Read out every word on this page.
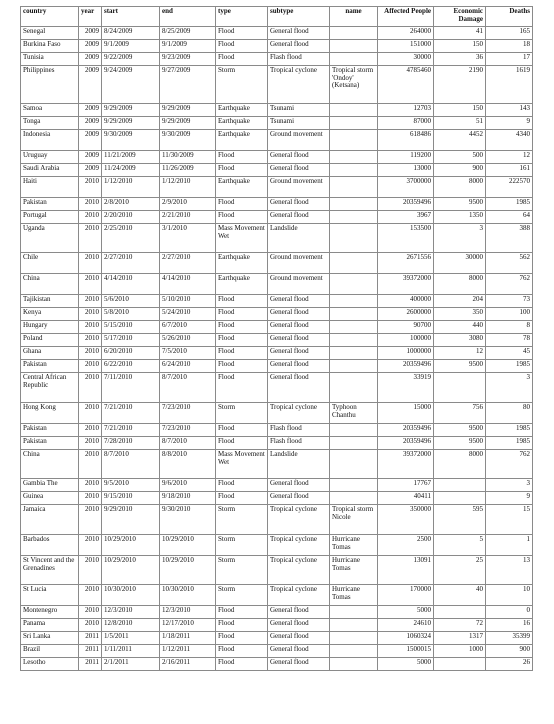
country	year	start	end	type	subtype	name	Affected People	Economic Damage	Deaths
Senegal	2009	8/24/2009	8/25/2009	Flood	General flood		264000	41	165
Burkina Faso	2009	9/1/2009	9/1/2009	Flood	General flood		151000	150	18
Tunisia	2009	9/22/2009	9/23/2009	Flood	Flash flood		30000	36	17
Philippines	2009	9/24/2009	9/27/2009	Storm	Tropical cyclone	Tropical storm 'Ondoy' (Ketsana)	4785460	2190	1619
Samoa	2009	9/29/2009	9/29/2009	Earthquake	Tsunami		12703	150	143
Tonga	2009	9/29/2009	9/29/2009	Earthquake	Tsunami		87000	51	9
Indonesia	2009	9/30/2009	9/30/2009	Earthquake	Ground movement		618486	4452	4340
Uruguay	2009	11/21/2009	11/30/2009	Flood	General flood		119200	500	12
Saudi Arabia	2009	11/24/2009	11/26/2009	Flood	General flood		13000	900	161
Haiti	2010	1/12/2010	1/12/2010	Earthquake	Ground movement		3700000	8000	222570
Pakistan	2010	2/8/2010	2/9/2010	Flood	General flood		20359496	9500	1985
Portugal	2010	2/20/2010	2/21/2010	Flood	General flood		3967	1350	64
Uganda	2010	2/25/2010	3/1/2010	Mass Movement Wet	Landslide		153500	3	388
Chile	2010	2/27/2010	2/27/2010	Earthquake	Ground movement		2671556	30000	562
China	2010	4/14/2010	4/14/2010	Earthquake	Ground movement		39372000	8000	762
Tajikistan	2010	5/6/2010	5/10/2010	Flood	General flood		400000	204	73
Kenya	2010	5/8/2010	5/24/2010	Flood	General flood		2600000	350	100
Hungary	2010	5/15/2010	6/7/2010	Flood	General flood		90700	440	8
Poland	2010	5/17/2010	5/26/2010	Flood	General flood		100000	3080	78
Ghana	2010	6/20/2010	7/5/2010	Flood	General flood		1000000	12	45
Pakistan	2010	6/22/2010	6/24/2010	Flood	General flood		20359496	9500	1985
Central African Republic	2010	7/11/2010	8/7/2010	Flood	General flood		33919		3
Hong Kong	2010	7/21/2010	7/23/2010	Storm	Tropical cyclone	Typhoon Chanthu	15000	756	80
Pakistan	2010	7/21/2010	7/23/2010	Flood	Flash flood		20359496	9500	1985
Pakistan	2010	7/28/2010	8/7/2010	Flood	Flash flood		20359496	9500	1985
China	2010	8/7/2010	8/8/2010	Mass Movement Wet	Landslide		39372000	8000	762
Gambia The	2010	9/5/2010	9/6/2010	Flood	General flood		17767		3
Guinea	2010	9/15/2010	9/18/2010	Flood	General flood		40411		9
Jamaica	2010	9/29/2010	9/30/2010	Storm	Tropical cyclone	Tropical storm Nicole	350000	595	15
Barbados	2010	10/29/2010	10/29/2010	Storm	Tropical cyclone	Hurricane Tomas	2500	5	1
St Vincent and the Grenadines	2010	10/29/2010	10/29/2010	Storm	Tropical cyclone	Hurricane Tomas	13091	25	13
St Lucia	2010	10/30/2010	10/30/2010	Storm	Tropical cyclone	Hurricane Tomas	170000	40	10
Montenegro	2010	12/3/2010	12/3/2010	Flood	General flood		5000		0
Panama	2010	12/8/2010	12/17/2010	Flood	General flood		24610	72	16
Sri Lanka	2011	1/5/2011	1/18/2011	Flood	General flood		1060324	1317	35399
Brazil	2011	1/11/2011	1/12/2011	Flood	General flood		1500015	1000	900
Lesotho	2011	2/1/2011	2/16/2011	Flood	General flood		5000		26
